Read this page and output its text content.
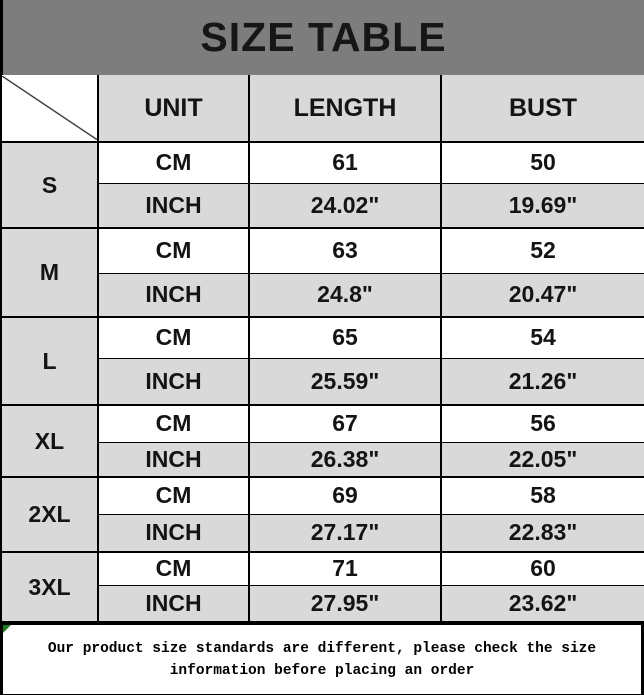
SIZE TABLE
	UNIT	LENGTH	BUST
S	CM	61	50
	INCH	24.02"	19.69"
M	CM	63	52
	INCH	24.8"	20.47"
L	CM	65	54
	INCH	25.59"	21.26"
XL	CM	67	56
	INCH	26.38"	22.05"
2XL	CM	69	58
	INCH	27.17"	22.83"
3XL	CM	71	60
	INCH	27.95"	23.62"
Our product size standards are different, please check the size
information before placing an order
